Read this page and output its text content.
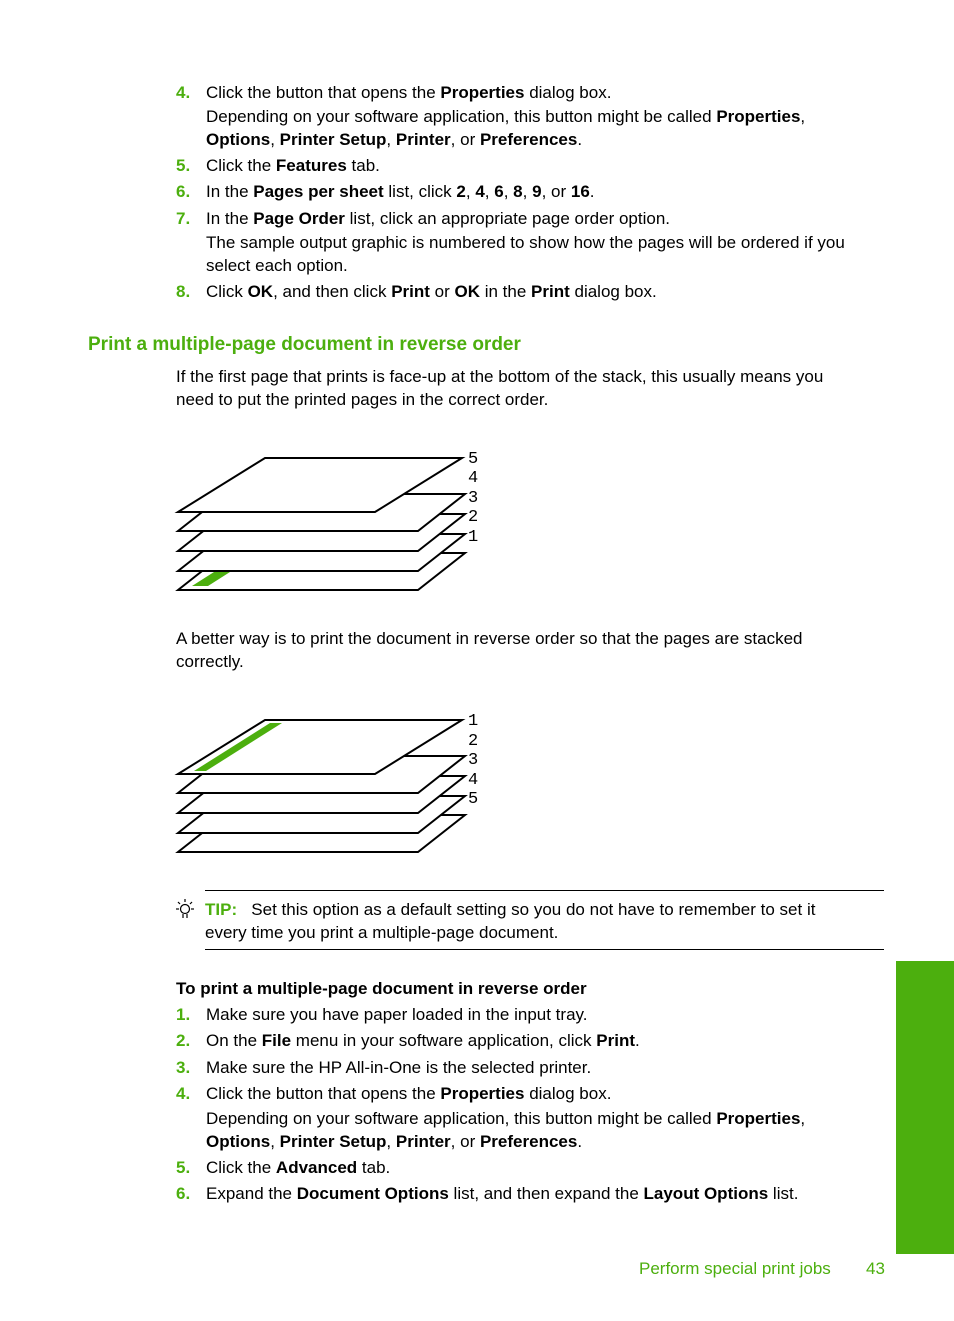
4. Click the button that opens the Properties dialog box.
Depending on your software application, this button might be called Properties,
Options, Printer Setup, Printer, or Preferences.
5. Click the Features tab.
6. In the Pages per sheet list, click 2, 4, 6, 8, 9, or 16.
7. In the Page Order list, click an appropriate page order option.
The sample output graphic is numbered to show how the pages will be ordered if you
select each option.
8. Click OK, and then click Print or OK in the Print dialog box.
Print a multiple-page document in reverse order
If the first page that prints is face-up at the bottom of the stack, this usually means you
need to put the printed pages in the correct order.
5
4
3
2
1
A better way is to print the document in reverse order so that the pages are stacked
correctly.
1
2
3
4
5
TIP: Set this option as a default setting so you do not have to remember to set it
every time you print a multiple-page document.
To print a multiple-page document in reverse order
1. Make sure you have paper loaded in the input tray.
2. On the File menu in your software application, click Print.
3. Make sure the HP All-in-One is the selected printer.
4. Click the button that opens the Properties dialog box.
Depending on your software application, this button might be called Properties,
Options, Printer Setup, Printer, or Preferences.
5. Click the Advanced tab.
6. Expand the Document Options list, and then expand the Layout Options list.
Perform special print jobs 43
Print
